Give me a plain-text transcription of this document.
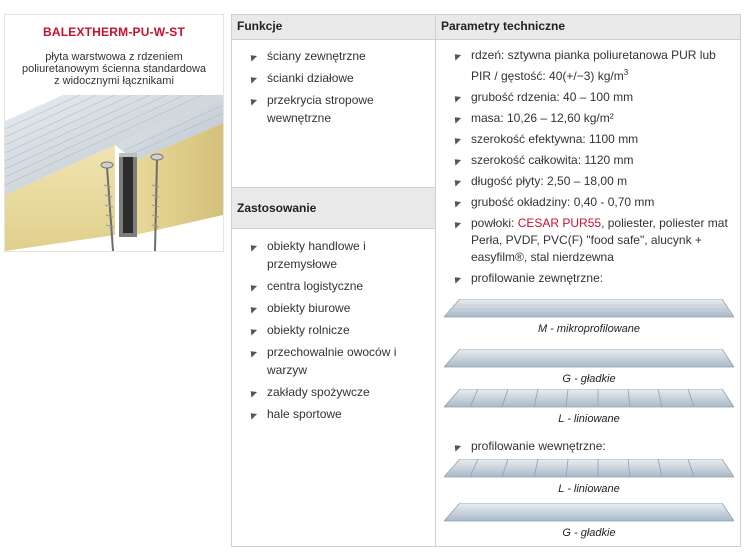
BALEXTHERM-PU-W-ST
płyta warstwowa z rdzeniem
poliuretanowym ścienna standardowa
z widocznymi łącznikami
Funkcje
ściany zewnętrzne
ścianki działowe
przekrycia stropowe wewnętrzne
Zastosowanie
obiekty handlowe i przemysłowe
centra logistyczne
obiekty biurowe
obiekty rolnicze
przechowalnie owoców i warzyw
zakłady spożywcze
hale sportowe
Parametry techniczne
rdzeń: sztywna pianka poliuretanowa PUR lub PIR / gęstość: 40(+/−3) $kg/m^3$
grubość rdzenia: 40 – 100 mm
masa: 10,26 – 12,60 kg/m²
szerokość efektywna: 1100 mm
szerokość całkowita: 1120 mm
długość płyty: 2,50 – 18,00 m
grubość okładziny: 0,40 - 0,70 mm
powłoki: CESAR PUR55, poliester, poliester mat Perła, PVDF, PVC(F) "food safe", alucynk + easyfilm®, stal nierdzewna
profilowanie zewnętrzne:
M - mikroprofilowane
G - gładkie
L - liniowane
profilowanie wewnętrzne:
L - liniowane
G - gładkie
